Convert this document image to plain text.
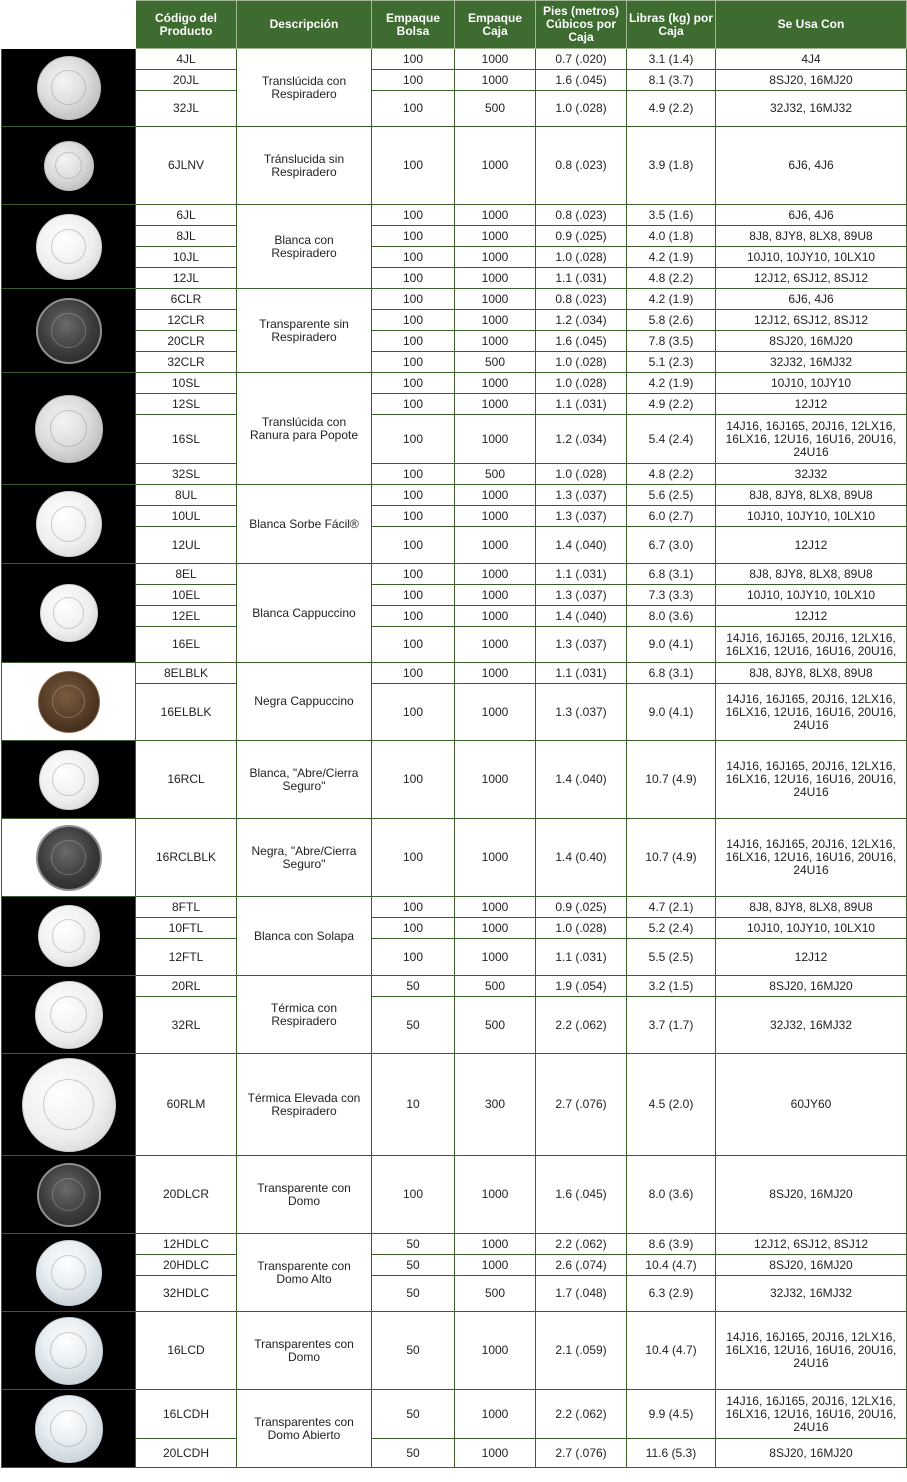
	Código del Producto	Descripción	Empaque Bolsa	Empaque Caja	Pies (metros) Cúbicos por Caja	Libras (kg) por Caja	Se Usa Con

	4JL	Translúcida con Respiradero	100	1000	0.7 (.020)	3.1 (1.4)	4J4
	20JL		100	1000	1.6 (.045)	8.1 (3.7)	8SJ20, 16MJ20
	32JL		100	500	1.0 (.028)	4.9 (2.2)	32J32, 16MJ32

	6JLNV	Tránslucida sin Respiradero	100	1000	0.8 (.023)	3.9 (1.8)	6J6, 4J6

	6JL	Blanca con Respiradero	100	1000	0.8 (.023)	3.5 (1.6)	6J6, 4J6
	8JL		100	1000	0.9 (.025)	4.0 (1.8)	8J8, 8JY8, 8LX8, 89U8
	10JL		100	1000	1.0 (.028)	4.2 (1.9)	10J10, 10JY10, 10LX10
	12JL		100	1000	1.1 (.031)	4.8 (2.2)	12J12, 6SJ12, 8SJ12

	6CLR	Transparente sin Respiradero	100	1000	0.8 (.023)	4.2 (1.9)	6J6, 4J6
	12CLR		100	1000	1.2 (.034)	5.8 (2.6)	12J12, 6SJ12, 8SJ12
	20CLR		100	1000	1.6 (.045)	7.8 (3.5)	8SJ20, 16MJ20
	32CLR		100	500	1.0 (.028)	5.1 (2.3)	32J32, 16MJ32

	10SL	Translúcida con Ranura para Popote	100	1000	1.0 (.028)	4.2 (1.9)	10J10, 10JY10
	12SL		100	1000	1.1 (.031)	4.9 (2.2)	12J12
	16SL		100	1000	1.2 (.034)	5.4 (2.4)	14J16, 16J165, 20J16, 12LX16,
16LX16, 12U16, 16U16, 20U16,
24U16
	32SL		100	500	1.0 (.028)	4.8 (2.2)	32J32

	8UL	Blanca Sorbe Fácil®	100	1000	1.3 (.037)	5.6 (2.5)	8J8, 8JY8, 8LX8, 89U8
	10UL		100	1000	1.3 (.037)	6.0 (2.7)	10J10, 10JY10, 10LX10
	12UL		100	1000	1.4 (.040)	6.7 (3.0)	12J12

	8EL	Blanca Cappuccino	100	1000	1.1 (.031)	6.8 (3.1)	8J8, 8JY8, 8LX8, 89U8
	10EL		100	1000	1.3 (.037)	7.3 (3.3)	10J10, 10JY10, 10LX10
	12EL		100	1000	1.4 (.040)	8.0 (3.6)	12J12
	16EL		100	1000	1.3 (.037)	9.0 (4.1)	14J16, 16J165, 20J16, 12LX16,
16LX16, 12U16, 16U16, 20U16,

	8ELBLK	Negra Cappuccino	100	1000	1.1 (.031)	6.8 (3.1)	8J8, 8JY8, 8LX8, 89U8
	16ELBLK		100	1000	1.3 (.037)	9.0 (4.1)	14J16, 16J165, 20J16, 12LX16,
16LX16, 12U16, 16U16, 20U16,
24U16

	16RCL	Blanca, "Abre/Cierra Seguro"	100	1000	1.4 (.040)	10.7 (4.9)	14J16, 16J165, 20J16, 12LX16,
16LX16, 12U16, 16U16, 20U16,
24U16

	16RCLBLK	Negra, "Abre/Cierra Seguro"	100	1000	1.4 (0.40)	10.7 (4.9)	14J16, 16J165, 20J16, 12LX16,
16LX16, 12U16, 16U16, 20U16,
24U16

	8FTL	Blanca con Solapa	100	1000	0.9 (.025)	4.7 (2.1)	8J8, 8JY8, 8LX8, 89U8
	10FTL		100	1000	1.0 (.028)	5.2 (2.4)	10J10, 10JY10, 10LX10
	12FTL		100	1000	1.1 (.031)	5.5 (2.5)	12J12

	20RL	Térmica con Respiradero	50	500	1.9 (.054)	3.2 (1.5)	8SJ20, 16MJ20
	32RL		50	500	2.2 (.062)	3.7 (1.7)	32J32, 16MJ32

	60RLM	Térmica Elevada con Respiradero	10	300	2.7 (.076)	4.5 (2.0)	60JY60

	20DLCR	Transparente con Domo	100	1000	1.6 (.045)	8.0 (3.6)	8SJ20, 16MJ20

	12HDLC	Transparente con Domo Alto	50	1000	2.2 (.062)	8.6 (3.9)	12J12, 6SJ12, 8SJ12
	20HDLC		50	1000	2.6 (.074)	10.4 (4.7)	8SJ20, 16MJ20
	32HDLC		50	500	1.7 (.048)	6.3 (2.9)	32J32, 16MJ32

	16LCD	Transparentes con Domo	50	1000	2.1 (.059)	10.4 (4.7)	14J16, 16J165, 20J16, 12LX16,
16LX16, 12U16, 16U16, 20U16,
24U16

	16LCDH	Transparentes con Domo Abierto	50	1000	2.2 (.062)	9.9 (4.5)	14J16, 16J165, 20J16, 12LX16,
16LX16, 12U16, 16U16, 20U16,
24U16
	20LCDH		50	1000	2.7 (.076)	11.6 (5.3)	8SJ20, 16MJ20
